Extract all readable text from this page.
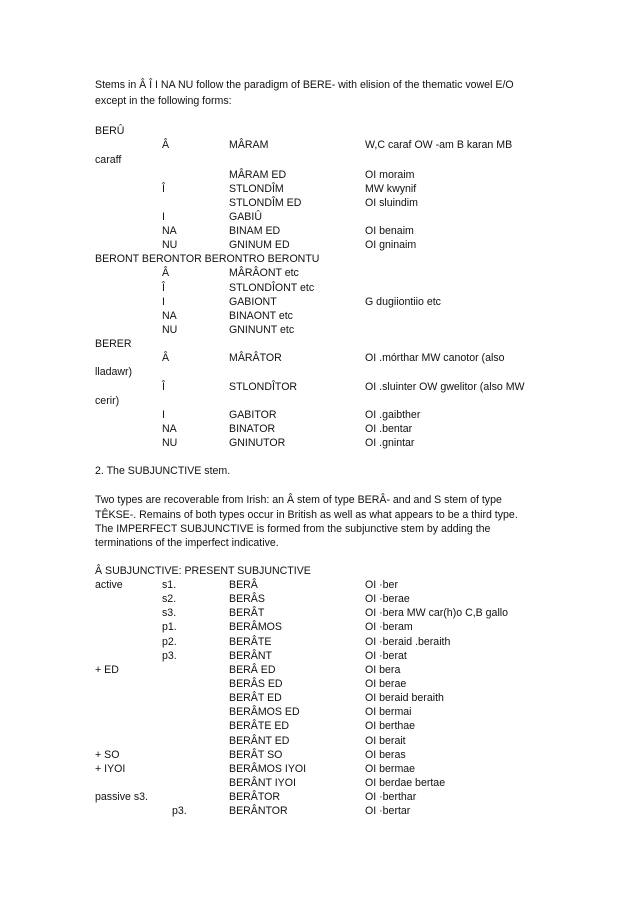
Stems in Â Î I NA NU follow the paradigm of BERE- with elision of the thematic vowel E/O
except in the following forms:
BERÛ
Â	MÂRAM	W,C caraf OW -am B karan MB
caraff
MÂRAM ED	OI moraim
Î	STLONDÎM	MW kwynif
STLONDÎM ED	OI sluindim
I	GABIÛ
NA	BINAM ED	OI benaim
NU	GNINUM ED	OI gninaim
BERONT BERONTOR BERONTRO BERONTU
Â	MÂRÂONT etc
Î	STLONDÎONT etc
I	GABIONT	G dugiiontiio etc
NA	BINAONT etc
NU	GNINUNT etc
BERER
Â	MÂRÂTOR	OI .mórthar MW canotor (also
lladawr)
Î	STLONDÎTOR	OI .sluinter OW gwelitor (also MW
cerir)
I	GABITOR	OI .gaibther
NA	BINATOR	OI .bentar
NU	GNINUTOR	OI .gnintar
2. The SUBJUNCTIVE stem.
Two types are recoverable from Irish: an Â stem of type BERÂ- and and S stem of type
TÊKSE-. Remains of both types occur in British as well as what appears to be a third type.
The IMPERFECT SUBJUNCTIVE is formed from the subjunctive stem by adding the
terminations of the imperfect indicative.
Â SUBJUNCTIVE: PRESENT SUBJUNCTIVE
active	s1.	BERÂ	OI ·ber
s2.	BERÂS	OI ·berae
s3.	BERÂT	OI ·bera MW car(h)o C,B gallo
p1.	BERÂMOS	OI ·beram
p2.	BERÂTE	OI ·beraid .beraith
p3.	BERÂNT	OI ·berat
+ ED	BERÂ ED	OI bera
BERÂS ED	OI berae
BERÂT ED	OI beraid beraith
BERÂMOS ED	OI bermai
BERÂTE ED	OI berthae
BERÂNT ED	OI berait
+ SO	BERÂT SO	OI beras
+ IYOI	BERÂMOS IYOI	OI bermae
BERÂNT IYOI	OI berdae bertae
passive s3.	BERÂTOR	OI ·berthar
p3.	BERÂNTOR	OI ·bertar
